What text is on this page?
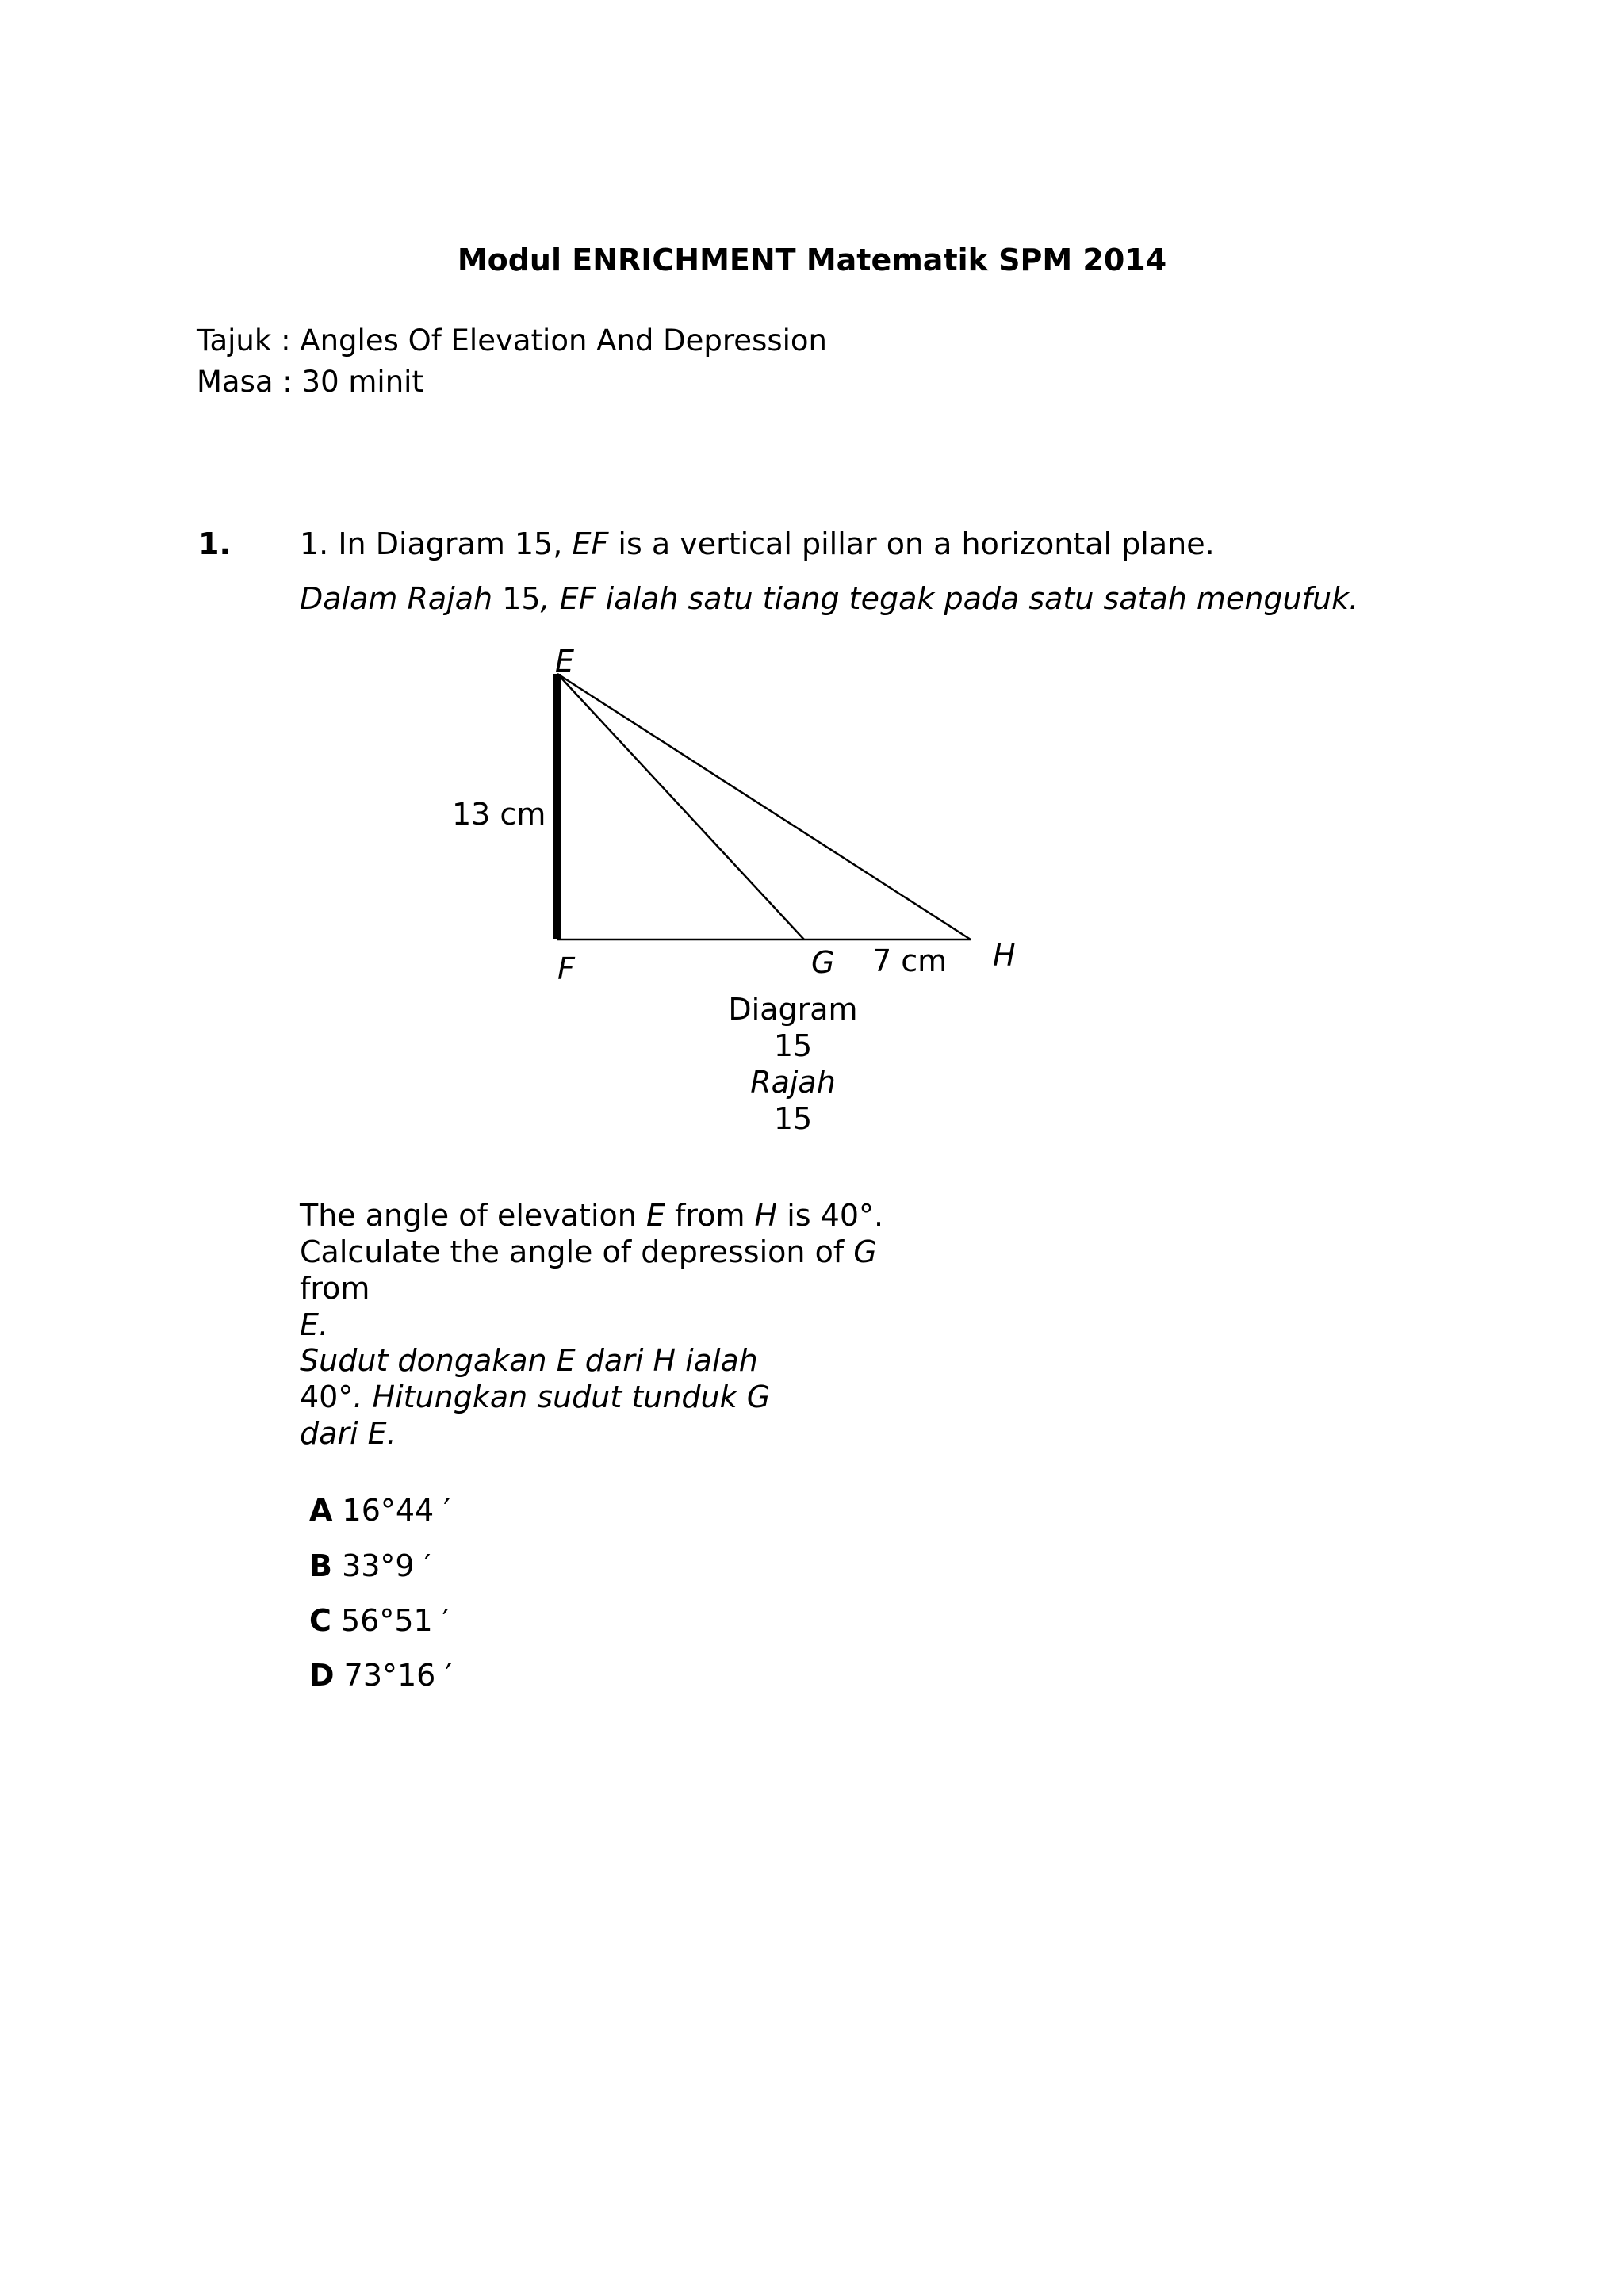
Modul ENRICHMENT Matematik SPM 2014
Tajuk : Angles Of Elevation And Depression
Masa : 30 minit
1. 1. In Diagram 15, EF is a vertical pillar on a horizontal plane.
Dalam Rajah 15, EF ialah satu tiang tegak pada satu satah mengufuk.
E
F	G	H
13 cm
7 cm
Diagram
15
Rajah
15
The angle of elevation E from H is 40°.
Calculate the angle of depression of G from
E.
Sudut dongakan E dari H ialah
40°. Hitungkan sudut tunduk G
dari E.
A 16°44 ′
B 33°9 ′
C 56°51 ′
D 73°16 ′
